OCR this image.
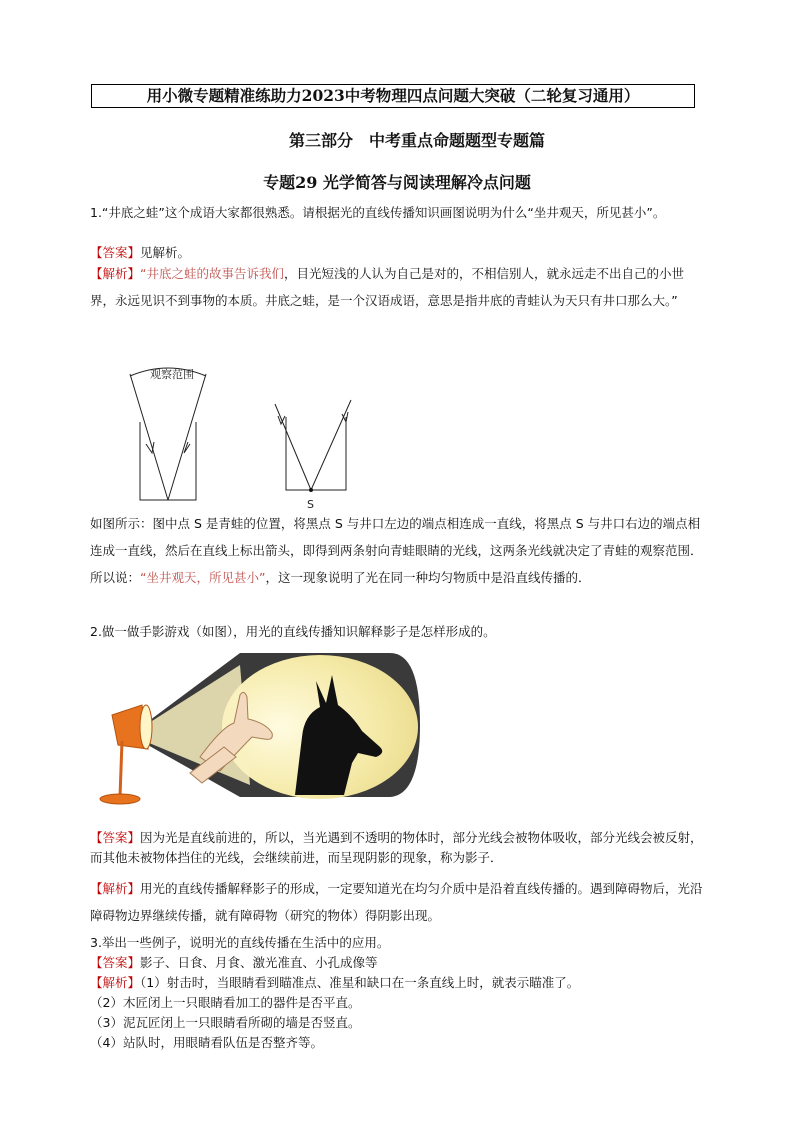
用小微专题精准练助力2023中考物理四点问题大突破（二轮复习通用）
第三部分　中考重点命题题型专题篇
专题29 光学简答与阅读理解冷点问题
1.“井底之蛙”这个成语大家都很熟悉。请根据光的直线传播知识画图说明为什么“坐井观天，所见甚小”。
【答案】见解析。
【解析】“井底之蛙的故事告诉我们，目光短浅的人认为自己是对的，不相信别人，就永远走不出自己的小世界，永远见识不到事物的本质。井底之蛙，是一个汉语成语，意思是指井底的青蛙认为天只有井口那么大。”
观察范围
S
如图所示：图中点 S 是青蛙的位置，将黑点 S 与井口左边的端点相连成一直线，将黑点 S 与井口右边的端点相连成一直线，然后在直线上标出箭头，即得到两条射向青蛙眼睛的光线，这两条光线就决定了青蛙的观察范围．所以说：“坐井观天，所见甚小”，这一现象说明了光在同一种均匀物质中是沿直线传播的．
2.做一做手影游戏（如图），用光的直线传播知识解释影子是怎样形成的。
【答案】因为光是直线前进的，所以，当光遇到不透明的物体时，部分光线会被物体吸收，部分光线会被反射，而其他未被物体挡住的光线，会继续前进，而呈现阴影的现象，称为影子．
【解析】用光的直线传播解释影子的形成，一定要知道光在均匀介质中是沿着直线传播的。遇到障碍物后，光沿障碍物边界继续传播，就有障碍物（研究的物体）得阴影出现。
3.举出一些例子，说明光的直线传播在生活中的应用。
【答案】影子、日食、月食、激光准直、小孔成像等
【解析】（1）射击时，当眼睛看到瞄准点、准星和缺口在一条直线上时，就表示瞄准了。
（2）木匠闭上一只眼睛看加工的器件是否平直。
（3）泥瓦匠闭上一只眼睛看所砌的墙是否竖直。
（4）站队时，用眼睛看队伍是否整齐等。
